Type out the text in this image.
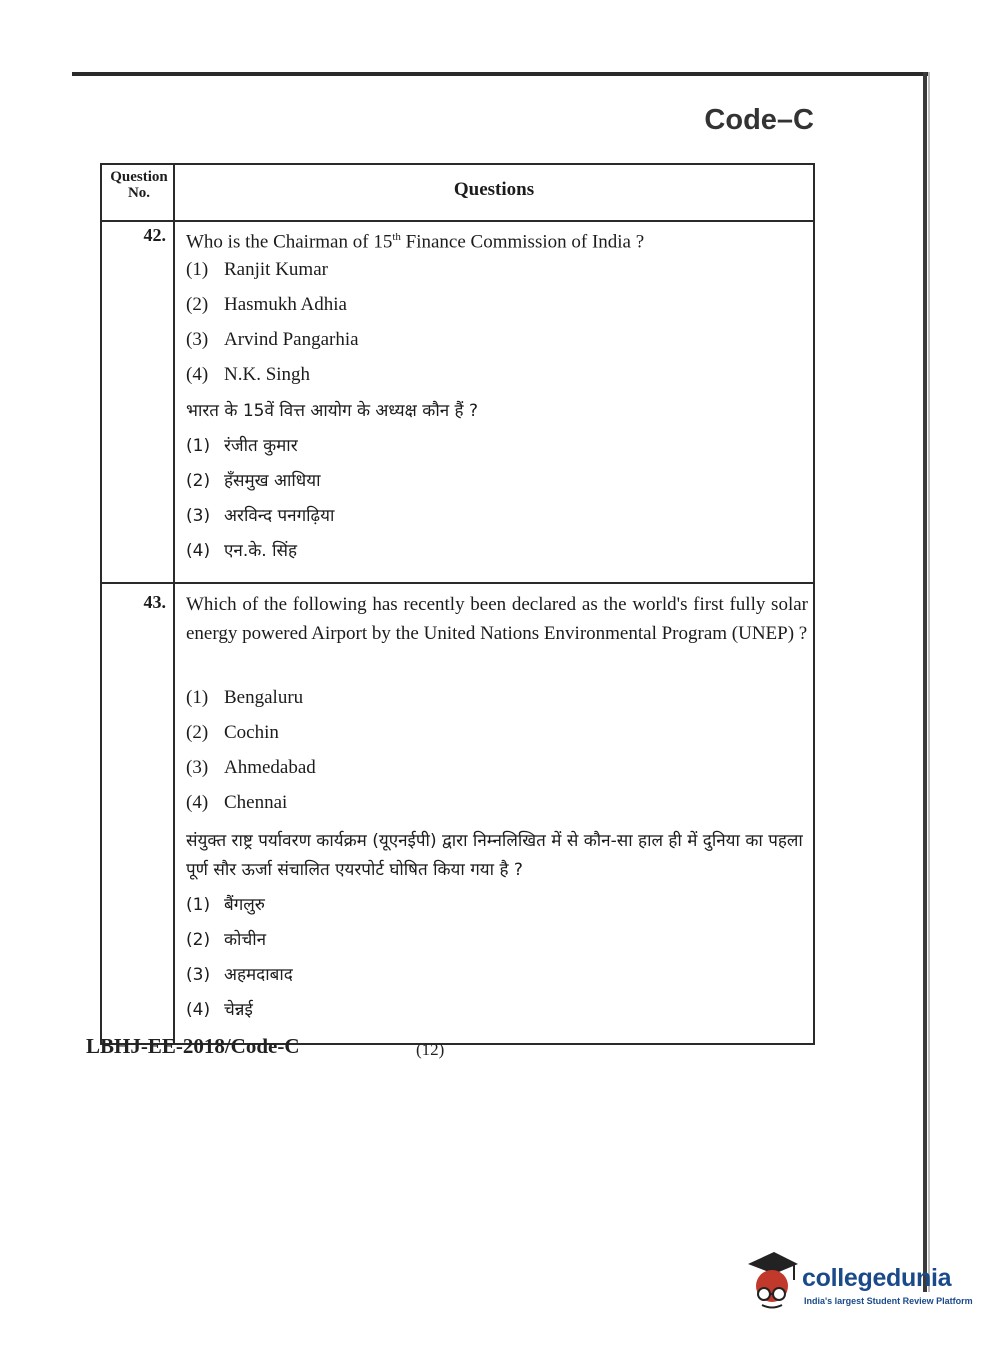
Code–C
Question No.	Questions
42. Who is the Chairman of 15th Finance Commission of India ?
(1) Ranjit Kumar
(2) Hasmukh Adhia
(3) Arvind Pangarhia
(4) N.K. Singh
भारत के 15वें वित्त आयोग के अध्यक्ष कौन हैं ?
(1) रंजीत कुमार
(2) हँसमुख आधिया
(3) अरविन्द पनगढ़िया
(4) एन.के. सिंह
43. Which of the following has recently been declared as the world's first fully solar energy powered Airport by the United Nations Environmental Program (UNEP) ?
(1) Bengaluru
(2) Cochin
(3) Ahmedabad
(4) Chennai
संयुक्त राष्ट्र पर्यावरण कार्यक्रम (यूएनईपी) द्वारा निम्नलिखित में से कौन-सा हाल ही में दुनिया का पहला पूर्ण सौर ऊर्जा संचालित एयरपोर्ट घोषित किया गया है ?
(1) बैंगलुरु
(2) कोचीन
(3) अहमदाबाद
(4) चेन्नई
LBHJ-EE-2018/Code-C	(12)
collegedunia
India's largest Student Review Platform
